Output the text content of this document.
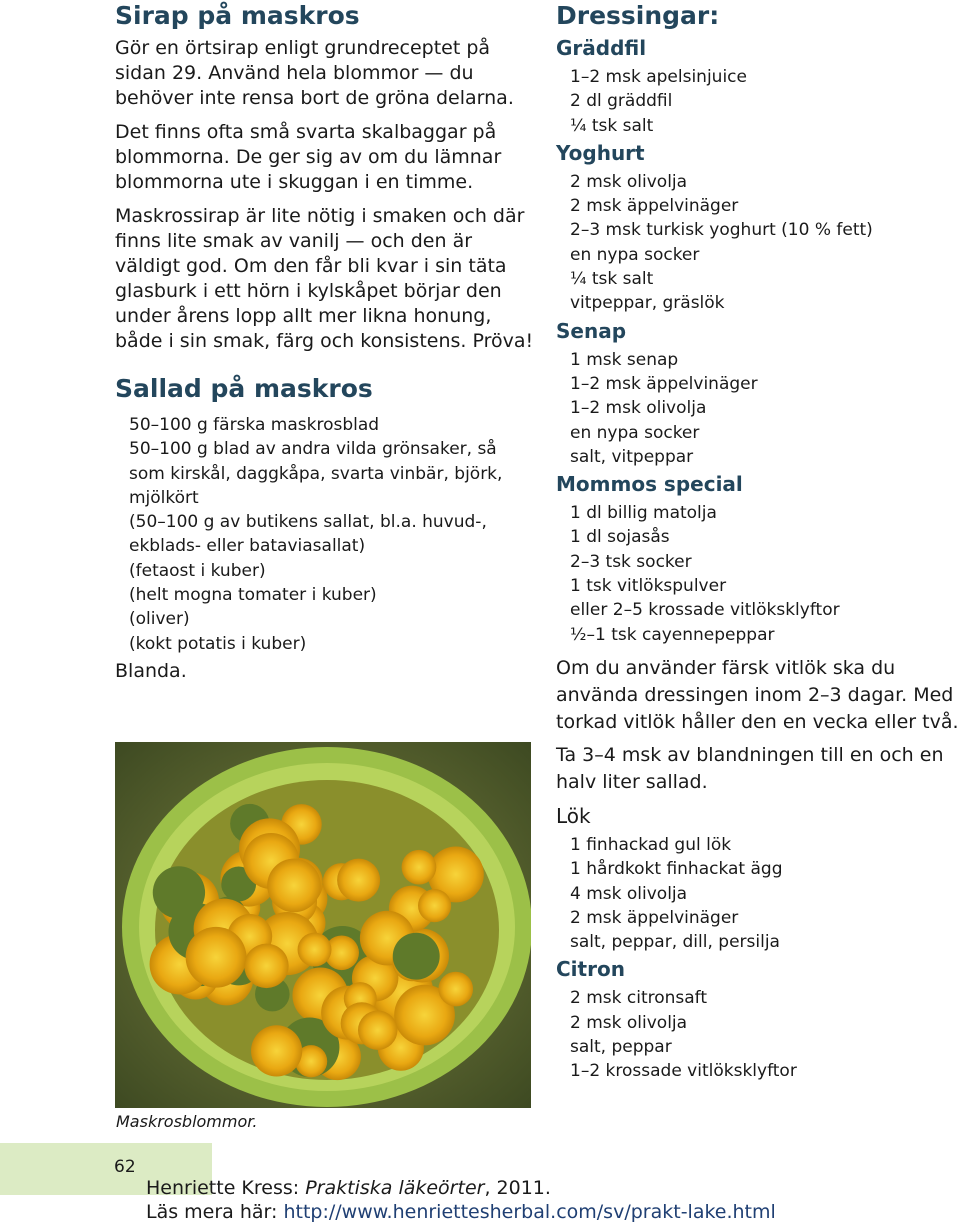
Sirap på maskros

Gör en örtsirap enligt grundreceptet på sidan 29. Använd hela blommor — du behöver inte rensa bort de gröna delarna.

Det finns ofta små svarta skalbaggar på blommorna. De ger sig av om du lämnar blommorna ute i skuggan i en timme.

Maskrossirap är lite nötig i smaken och där finns lite smak av vanilj — och den är väldigt god. Om den får bli kvar i sin täta glasburk i ett hörn i kylskåpet börjar den under årens lopp allt mer likna honung, både i sin smak, färg och konsistens. Pröva!

Sallad på maskros
50–100 g färska maskrosblad
50–100 g blad av andra vilda grönsaker, så
som kirskål, daggkåpa, svarta vinbär, björk,
mjölkört
(50–100 g av butikens sallat, bl.a. huvud-,
ekblads- eller bataviasallat)
(fetaost i kuber)
(helt mogna tomater i kuber)
(oliver)
(kokt potatis i kuber)

Blanda.

Maskrosblommor.
Dressingar:
Gräddfil
1–2 msk apelsinjuice
2 dl gräddfil
¼ tsk salt
Yoghurt
2 msk olivolja
2 msk äppelvinäger
2–3 msk turkisk yoghurt (10 % fett)
en nypa socker
¼ tsk salt
vitpeppar, gräslök
Senap
1 msk senap
1–2 msk äppelvinäger
1–2 msk olivolja
en nypa socker
salt, vitpeppar
Mommos special
1 dl billig matolja
1 dl sojasås
2–3 tsk socker
1 tsk vitlökspulver
eller 2–5 krossade vitlöksklyftor
½–1 tsk cayennepeppar

Om du använder färsk vitlök ska du använda dressingen inom 2–3 dagar. Med torkad vitlök håller den en vecka eller två.

Ta 3–4 msk av blandningen till en och en halv liter sallad.

Lök
1 finhackad gul lök
1 hårdkokt finhackat ägg
4 msk olivolja
2 msk äppelvinäger
salt, peppar, dill, persilja
Citron
2 msk citronsaft
2 msk olivolja
salt, peppar
1–2 krossade vitlöksklyftor
62
Henriette Kress: Praktiska läkeörter, 2011.
Läs mera här: http://www.henriettesherbal.com/sv/prakt-lake.html
